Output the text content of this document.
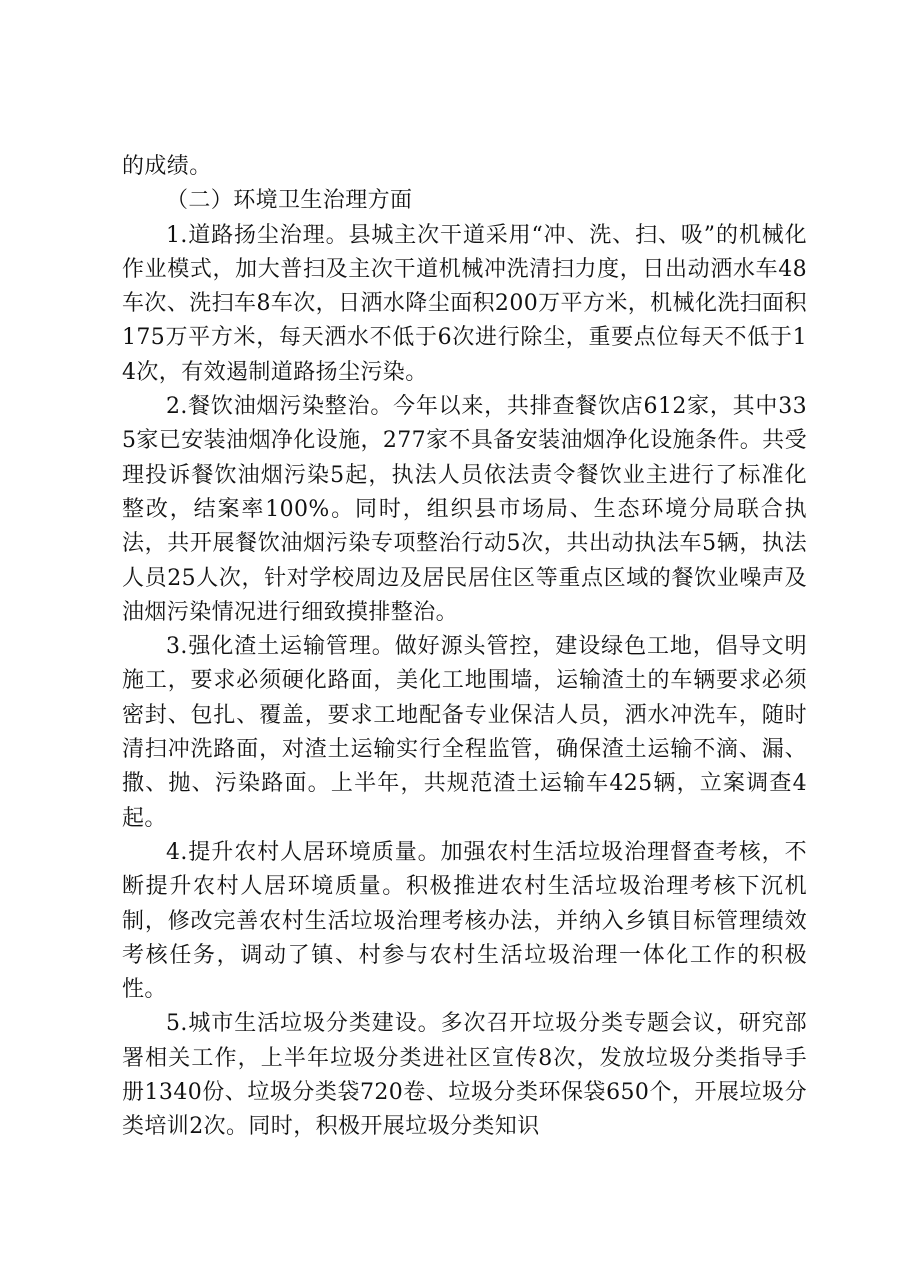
的成绩。

（二）环境卫生治理方面

1.道路扬尘治理。县城主次干道采用“冲、洗、扫、吸”的机械化作业模式，加大普扫及主次干道机械冲洗清扫力度，日出动洒水车48车次、洗扫车8车次，日洒水降尘面积200万平方米，机械化洗扫面积175万平方米，每天洒水不低于6次进行除尘，重要点位每天不低于14次，有效遏制道路扬尘污染。

2.餐饮油烟污染整治。今年以来，共排查餐饮店612家，其中335家已安装油烟净化设施，277家不具备安装油烟净化设施条件。共受理投诉餐饮油烟污染5起，执法人员依法责令餐饮业主进行了标准化整改，结案率100%。同时，组织县市场局、生态环境分局联合执法，共开展餐饮油烟污染专项整治行动5次，共出动执法车5辆，执法人员25人次，针对学校周边及居民居住区等重点区域的餐饮业噪声及油烟污染情况进行细致摸排整治。

3.强化渣土运输管理。做好源头管控，建设绿色工地，倡导文明施工，要求必须硬化路面，美化工地围墙，运输渣土的车辆要求必须密封、包扎、覆盖，要求工地配备专业保洁人员，洒水冲洗车，随时清扫冲洗路面，对渣土运输实行全程监管，确保渣土运输不滴、漏、撒、抛、污染路面。上半年，共规范渣土运输车425辆，立案调查4起。

4.提升农村人居环境质量。加强农村生活垃圾治理督查考核，不断提升农村人居环境质量。积极推进农村生活垃圾治理考核下沉机制，修改完善农村生活垃圾治理考核办法，并纳入乡镇目标管理绩效考核任务，调动了镇、村参与农村生活垃圾治理一体化工作的积极性。

5.城市生活垃圾分类建设。多次召开垃圾分类专题会议，研究部署相关工作，上半年垃圾分类进社区宣传8次，发放垃圾分类指导手册1340份、垃圾分类袋720卷、垃圾分类环保袋650个，开展垃圾分类培训2次。同时，积极开展垃圾分类知识
